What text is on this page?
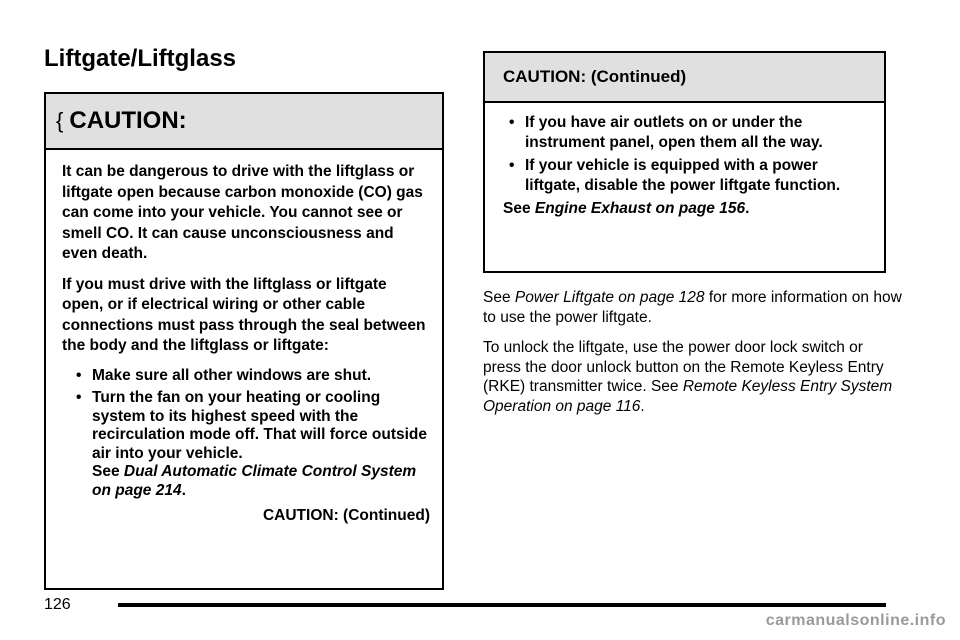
Liftgate/Liftglass
{ CAUTION:

It can be dangerous to drive with the liftglass or liftgate open because carbon monoxide (CO) gas can come into your vehicle. You cannot see or smell CO. It can cause unconsciousness and even death.

If you must drive with the liftglass or liftgate open, or if electrical wiring or other cable connections must pass through the seal between the body and the liftglass or liftgate:

• Make sure all other windows are shut.
• Turn the fan on your heating or cooling system to its highest speed with the recirculation mode off. That will force outside air into your vehicle.
See Dual Automatic Climate Control System on page 214.
CAUTION: (Continued)
CAUTION: (Continued)
• If you have air outlets on or under the instrument panel, open them all the way.
• If your vehicle is equipped with a power liftgate, disable the power liftgate function.
See Engine Exhaust on page 156.

See Power Liftgate on page 128 for more information on how to use the power liftgate.

To unlock the liftgate, use the power door lock switch or press the door unlock button on the Remote Keyless Entry (RKE) transmitter twice. See Remote Keyless Entry System Operation on page 116.

126
carmanualsonline.info
